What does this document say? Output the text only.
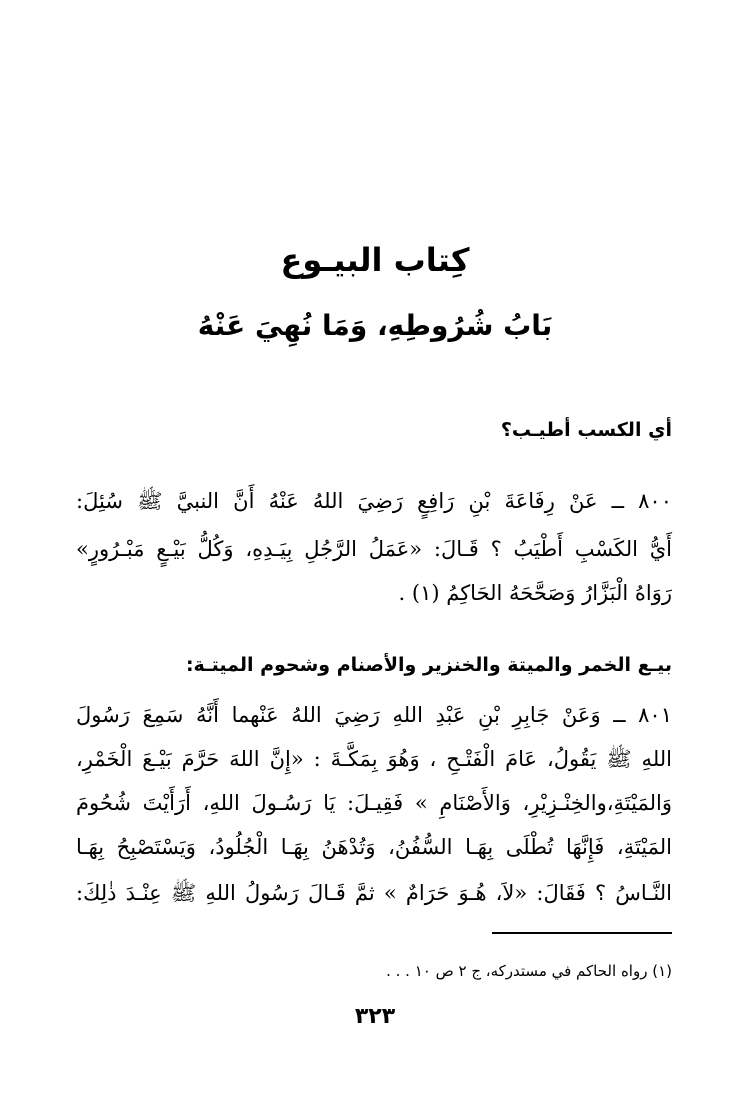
كِتاب البيـوع
بَابُ شُرُوطِهِ، وَمَا نُهِيَ عَنْهُ
أي الكسب أطيـب؟

٨٠٠ ــ عَنْ رِفَاعَةَ بْنِ رَافِعٍ رَضِيَ اللهُ عَنْهُ أَنَّ النبيَّ ﷺ سُئِلَ:

أَيُّ الكَسْبِ أَطْيَبُ ؟ قَـالَ: «عَمَلُ الرَّجُلِ بِيَـدِهِ، وَكُلُّ بَيْـعٍ مَبْـرُورٍ»

رَوَاهُ الْبَزَّارُ وَصَحَّحَهُ الحَاكِمُ (١) .

بيـع الخمر والميتة والخنزير والأصنام وشحوم الميتـة:

٨٠١ ــ وَعَنْ جَابِرِ بْنِ عَبْدِ اللهِ رَضِيَ اللهُ عَنْهما أَنَّهُ سَمِعَ رَسُولَ

اللهِ ﷺ يَقُولُ، عَامَ الْفَتْـحِ ، وَهُوَ بِمَكَّـةَ : «إِنَّ اللهَ حَرَّمَ بَيْـعَ الْخَمْرِ،

وَالمَيْتَةِ،والخِنْـزِيْرِ، وَالأَصْنَامِ » فَقِيـلَ: يَا رَسُـولَ اللهِ، أَرَأَيْتَ شُحُومَ

المَيْتَةِ، فَإِنَّهَا تُطْلَى بِهَـا السُّفُنُ، وَتُدْهَنُ بِهَـا الْجُلُودُ، وَيَسْتَصْبِحُ بِهَـا

النَّـاسُ ؟ فَقَالَ: «لاَ، هُـوَ حَرَامٌ » ثمَّ قَـالَ رَسُولُ اللهِ ﷺ عِنْـدَ ذٰلِكَ:

(١) رواه الحاكم في مستدركه، ج ٢ ص ١٠ . . .

٣٢٣
